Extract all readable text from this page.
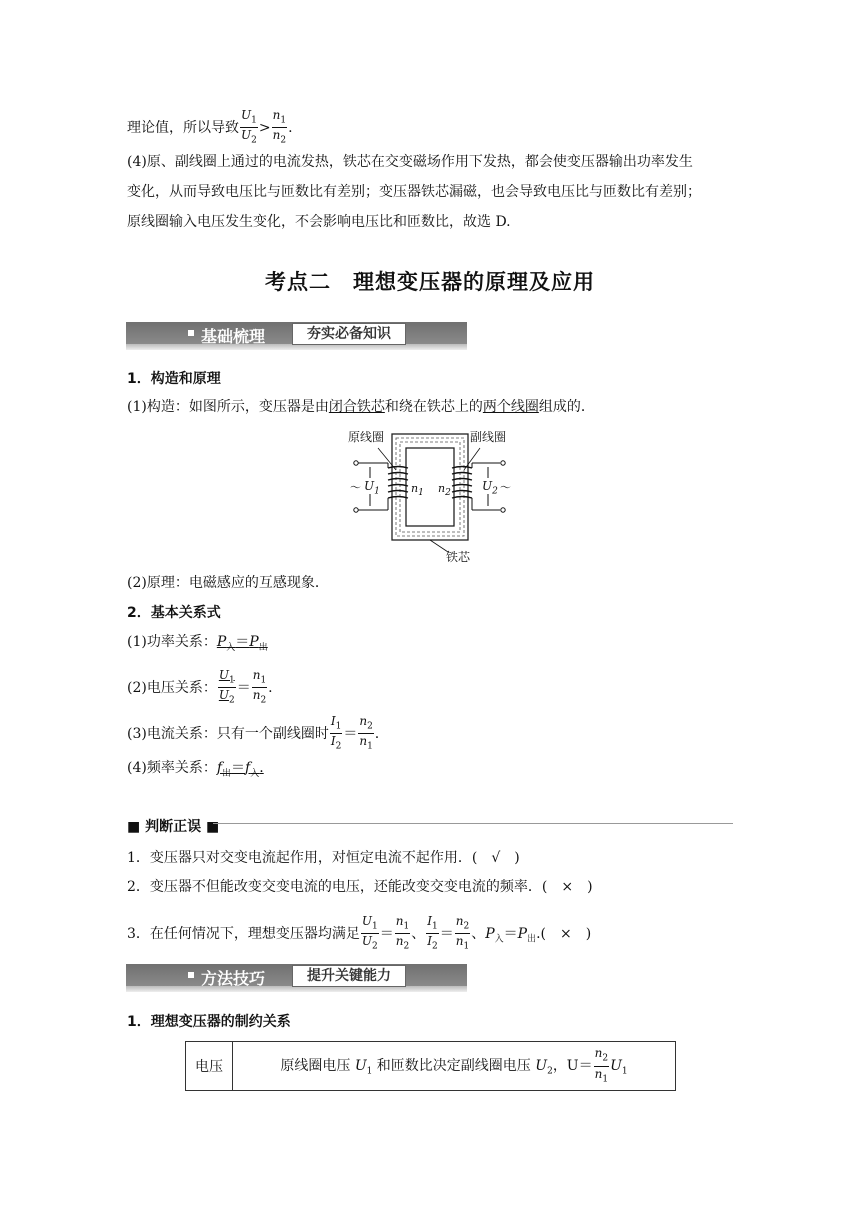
理论值，所以导致 $\frac{U_1}{U_2} > \frac{n_1}{n_2}$ .
(4)原、副线圈上通过的电流发热，铁芯在交变磁场作用下发热，都会使变压器输出功率发生
变化，从而导致电压比与匝数比有差别；变压器铁芯漏磁，也会导致电压比与匝数比有差别；
原线圈输入电压发生变化，不会影响电压比和匝数比，故选 D.
考点二　理想变压器的原理及应用
基础梳理	夯实必备知识
1．构造和原理
(1)构造：如图所示，变压器是由闭合铁芯和绕在铁芯上的两个线圈组成的．
原线圈	副线圈
铁芯
～ $U_1$	$n_1$ $n_2$
$U_2$ ～
(2)原理：电磁感应的互感现象．
2．基本关系式
(1)功率关系：$P_入=P_出$
(2)电压关系： $\frac{U_1}{U_2} = \frac{n_1}{n_2}$ .
(3)电流关系：只有一个副线圈时 $\frac{I_1}{I_2} = \frac{n_2}{n_1}$ .
(4)频率关系：$f_出=f_入$.
■ 判断正误 ■
1．变压器只对交变电流起作用，对恒定电流不起作用．(　√　)
2．变压器不但能改变交变电流的电压，还能改变交变电流的频率．(　×　)
3．在任何情况下，理想变压器均满足 $\frac{U_1}{U_2} = \frac{n_1}{n_2}$ 、 $\frac{I_1}{I_2} = \frac{n_2}{n_1}$ 、$P_入=P_出$.(　×　)
方法技巧	提升关键能力
1．理想变压器的制约关系
电压	原线圈电压 $U_1$ 和匝数比决定副线圈电压 $U_2$，$U= \frac{n_2}{n_1} U_1$
